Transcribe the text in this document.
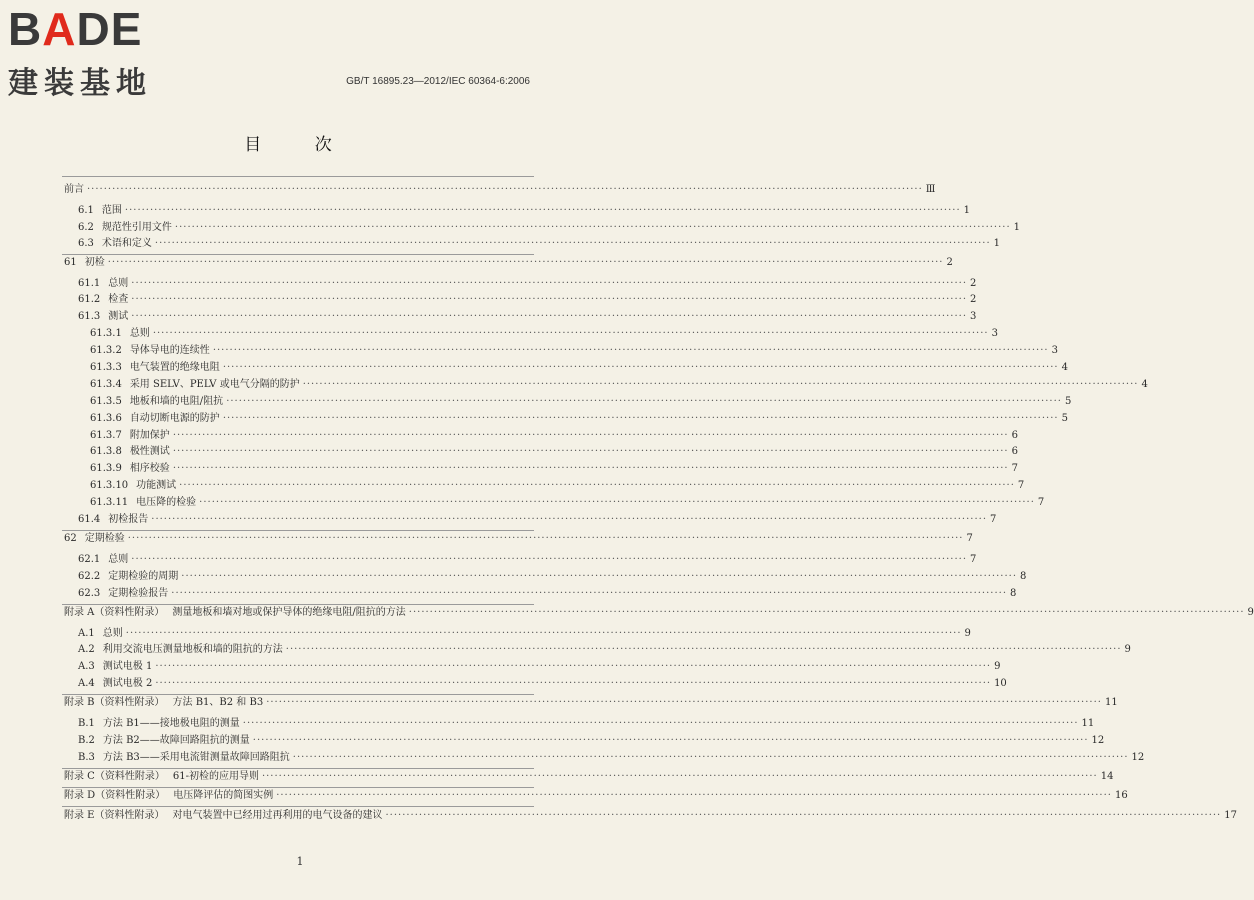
BADE
建装基地	GB/T 16895.23—2012/IEC 60364-6:2006
目 次
前言 ········································································································································································································ Ⅲ
6.1 范围 ········································································································································································································ 1
6.2 规范性引用文件 ········································································································································································································ 1
6.3 术语和定义 ········································································································································································································ 1
61 初检 ········································································································································································································ 2
61.1 总则 ········································································································································································································ 2
61.2 检查 ········································································································································································································ 2
61.3 测试 ········································································································································································································ 3
61.3.1 总则 ········································································································································································································ 3
61.3.2 导体导电的连续性 ········································································································································································································ 3
61.3.3 电气装置的绝缘电阻 ········································································································································································································ 4
61.3.4 采用 SELV、PELV 或电气分隔的防护 ········································································································································································································ 4
61.3.5 地板和墙的电阻/阻抗 ········································································································································································································ 5
61.3.6 自动切断电源的防护 ········································································································································································································ 5
61.3.7 附加保护 ········································································································································································································ 6
61.3.8 极性测试 ········································································································································································································ 6
61.3.9 相序校验 ········································································································································································································ 7
61.3.10 功能测试 ········································································································································································································ 7
61.3.11 电压降的检验 ········································································································································································································ 7
61.4 初检报告 ········································································································································································································ 7
62 定期检验 ········································································································································································································ 7
62.1 总则 ········································································································································································································ 7
62.2 定期检验的周期 ········································································································································································································ 8
62.3 定期检验报告 ········································································································································································································ 8
附录 A（资料性附录） 测量地板和墙对地或保护导体的绝缘电阻/阻抗的方法 ········································································································································································································ 9
A.1 总则 ········································································································································································································ 9
A.2 利用交流电压测量地板和墙的阻抗的方法 ········································································································································································································ 9
A.3 测试电极 1 ········································································································································································································ 9
A.4 测试电极 2 ········································································································································································································ 10
附录 B（资料性附录） 方法 B1、B2 和 B3 ········································································································································································································ 11
B.1 方法 B1——接地极电阻的测量 ········································································································································································································ 11
B.2 方法 B2——故障回路阻抗的测量 ········································································································································································································ 12
B.3 方法 B3——采用电流钳测量故障回路阻抗 ········································································································································································································ 12
附录 C（资料性附录） 61-初检的应用导则 ········································································································································································································ 14
附录 D（资料性附录） 电压降评估的简图实例 ········································································································································································································ 16
附录 E（资料性附录） 对电气装置中已经用过再利用的电气设备的建议 ········································································································································································································ 17
1
